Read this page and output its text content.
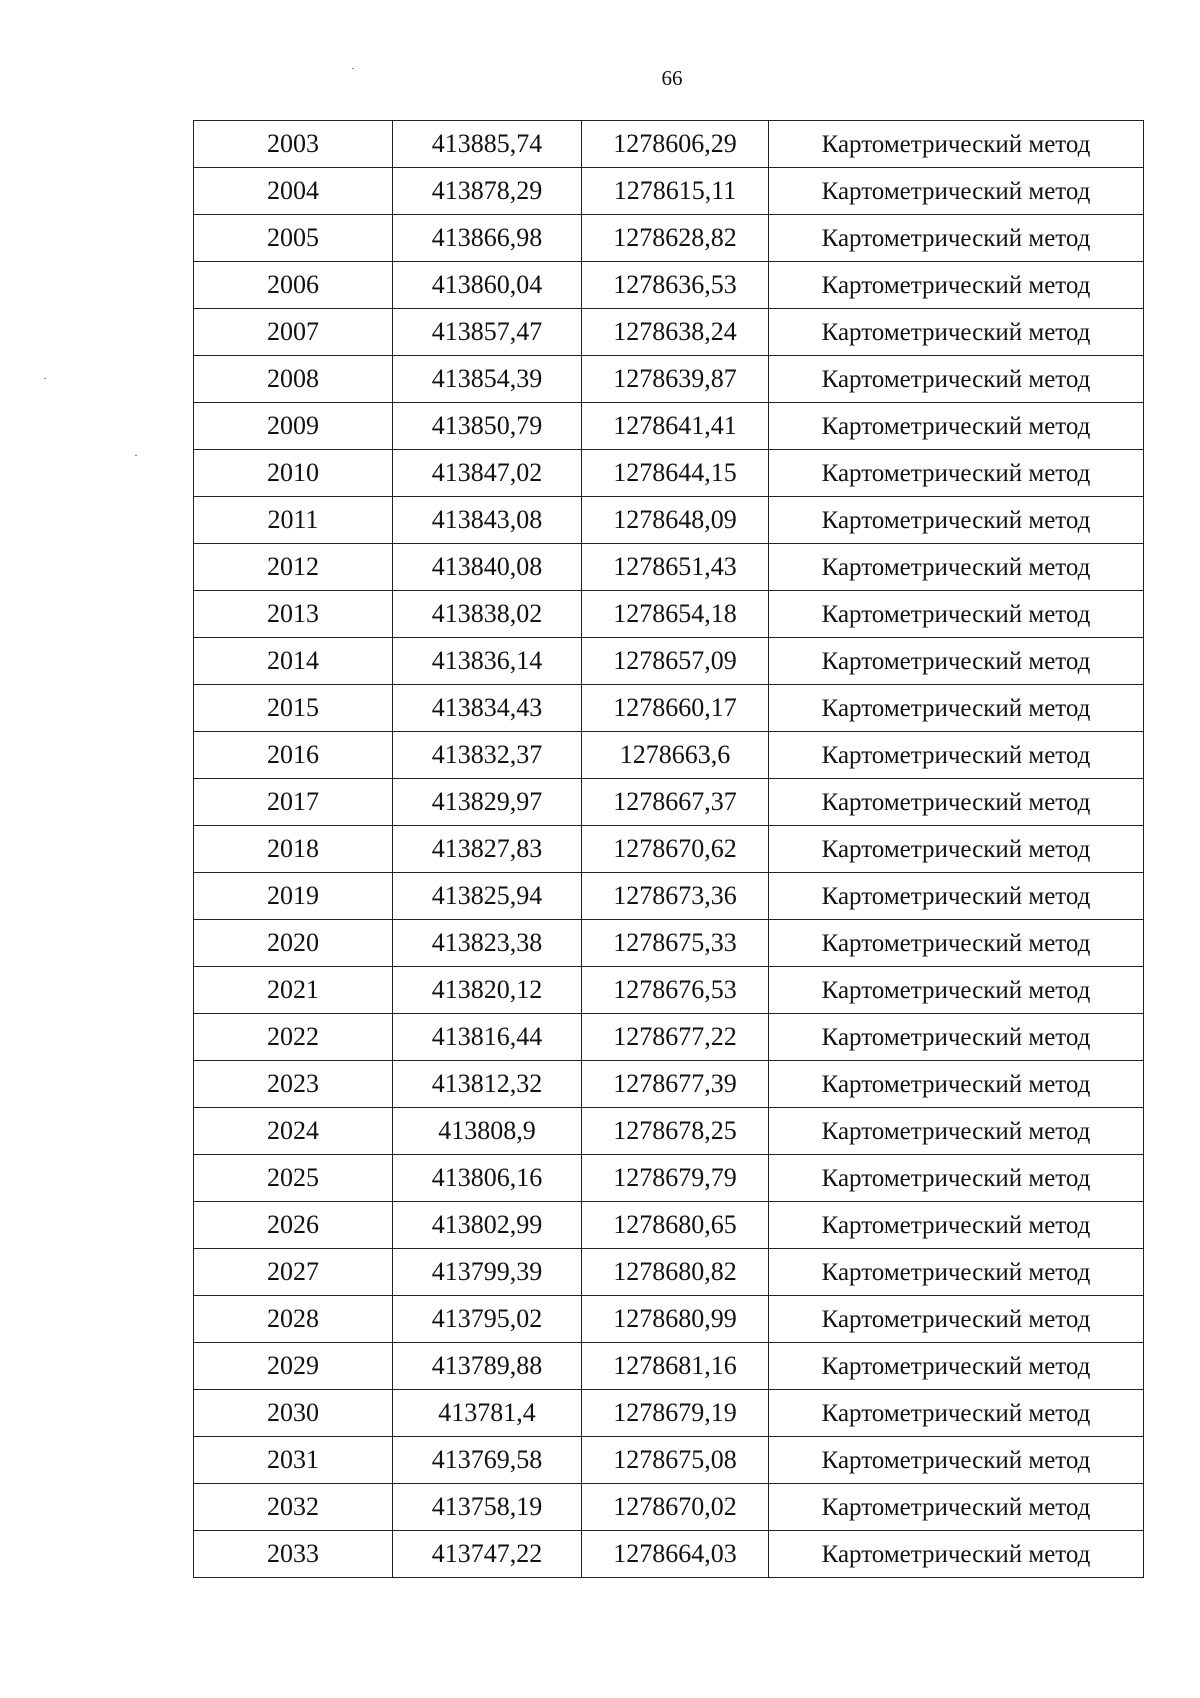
66
2003	413885,74	1278606,29	Картометрический метод
2004	413878,29	1278615,11	Картометрический метод
2005	413866,98	1278628,82	Картометрический метод
2006	413860,04	1278636,53	Картометрический метод
2007	413857,47	1278638,24	Картометрический метод
2008	413854,39	1278639,87	Картометрический метод
2009	413850,79	1278641,41	Картометрический метод
2010	413847,02	1278644,15	Картометрический метод
2011	413843,08	1278648,09	Картометрический метод
2012	413840,08	1278651,43	Картометрический метод
2013	413838,02	1278654,18	Картометрический метод
2014	413836,14	1278657,09	Картометрический метод
2015	413834,43	1278660,17	Картометрический метод
2016	413832,37	1278663,6	Картометрический метод
2017	413829,97	1278667,37	Картометрический метод
2018	413827,83	1278670,62	Картометрический метод
2019	413825,94	1278673,36	Картометрический метод
2020	413823,38	1278675,33	Картометрический метод
2021	413820,12	1278676,53	Картометрический метод
2022	413816,44	1278677,22	Картометрический метод
2023	413812,32	1278677,39	Картометрический метод
2024	413808,9	1278678,25	Картометрический метод
2025	413806,16	1278679,79	Картометрический метод
2026	413802,99	1278680,65	Картометрический метод
2027	413799,39	1278680,82	Картометрический метод
2028	413795,02	1278680,99	Картометрический метод
2029	413789,88	1278681,16	Картометрический метод
2030	413781,4	1278679,19	Картометрический метод
2031	413769,58	1278675,08	Картометрический метод
2032	413758,19	1278670,02	Картометрический метод
2033	413747,22	1278664,03	Картометрический метод
